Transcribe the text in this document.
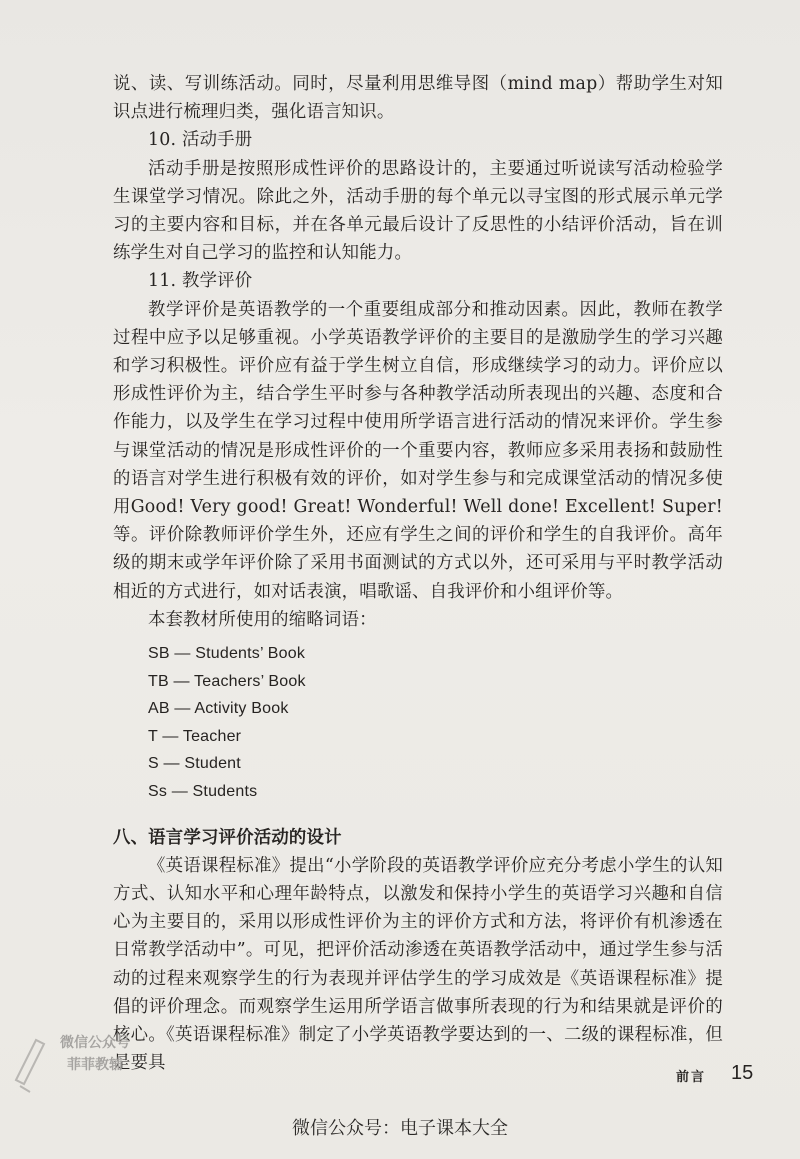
说、读、写训练活动。同时，尽量利用思维导图（mind map）帮助学生对知识点进行梳理归类，强化语言知识。

10. 活动手册

活动手册是按照形成性评价的思路设计的，主要通过听说读写活动检验学生课堂学习情况。除此之外，活动手册的每个单元以寻宝图的形式展示单元学习的主要内容和目标，并在各单元最后设计了反思性的小结评价活动，旨在训练学生对自己学习的监控和认知能力。

11. 教学评价

教学评价是英语教学的一个重要组成部分和推动因素。因此，教师在教学过程中应予以足够重视。小学英语教学评价的主要目的是激励学生的学习兴趣和学习积极性。评价应有益于学生树立自信，形成继续学习的动力。评价应以形成性评价为主，结合学生平时参与各种教学活动所表现出的兴趣、态度和合作能力，以及学生在学习过程中使用所学语言进行活动的情况来评价。学生参与课堂活动的情况是形成性评价的一个重要内容，教师应多采用表扬和鼓励性的语言对学生进行积极有效的评价，如对学生参与和完成课堂活动的情况多使用Good! Very good! Great! Wonderful! Well done! Excellent! Super!等。评价除教师评价学生外，还应有学生之间的评价和学生的自我评价。高年级的期末或学年评价除了采用书面测试的方式以外，还可采用与平时教学活动相近的方式进行，如对话表演，唱歌谣、自我评价和小组评价等。

本套教材所使用的缩略词语：

SB — Students’ Book

TB — Teachers’ Book

AB — Activity Book

T — Teacher

S — Student

Ss — Students

八、语言学习评价活动的设计

《英语课程标准》提出“小学阶段的英语教学评价应充分考虑小学生的认知方式、认知水平和心理年龄特点，以激发和保持小学生的英语学习兴趣和自信心为主要目的，采用以形成性评价为主的评价方式和方法，将评价有机渗透在日常教学活动中”。可见，把评价活动渗透在英语教学活动中，通过学生参与活动的过程来观察学生的行为表现并评估学生的学习成效是《英语课程标准》提倡的评价理念。而观察学生运用所学语言做事所表现的行为和结果就是评价的核心。《英语课程标准》制定了小学英语教学要达到的一、二级的课程标准，但是要具

微信公众号
菲菲教辅
前言 15
微信公众号：电子课本大全
